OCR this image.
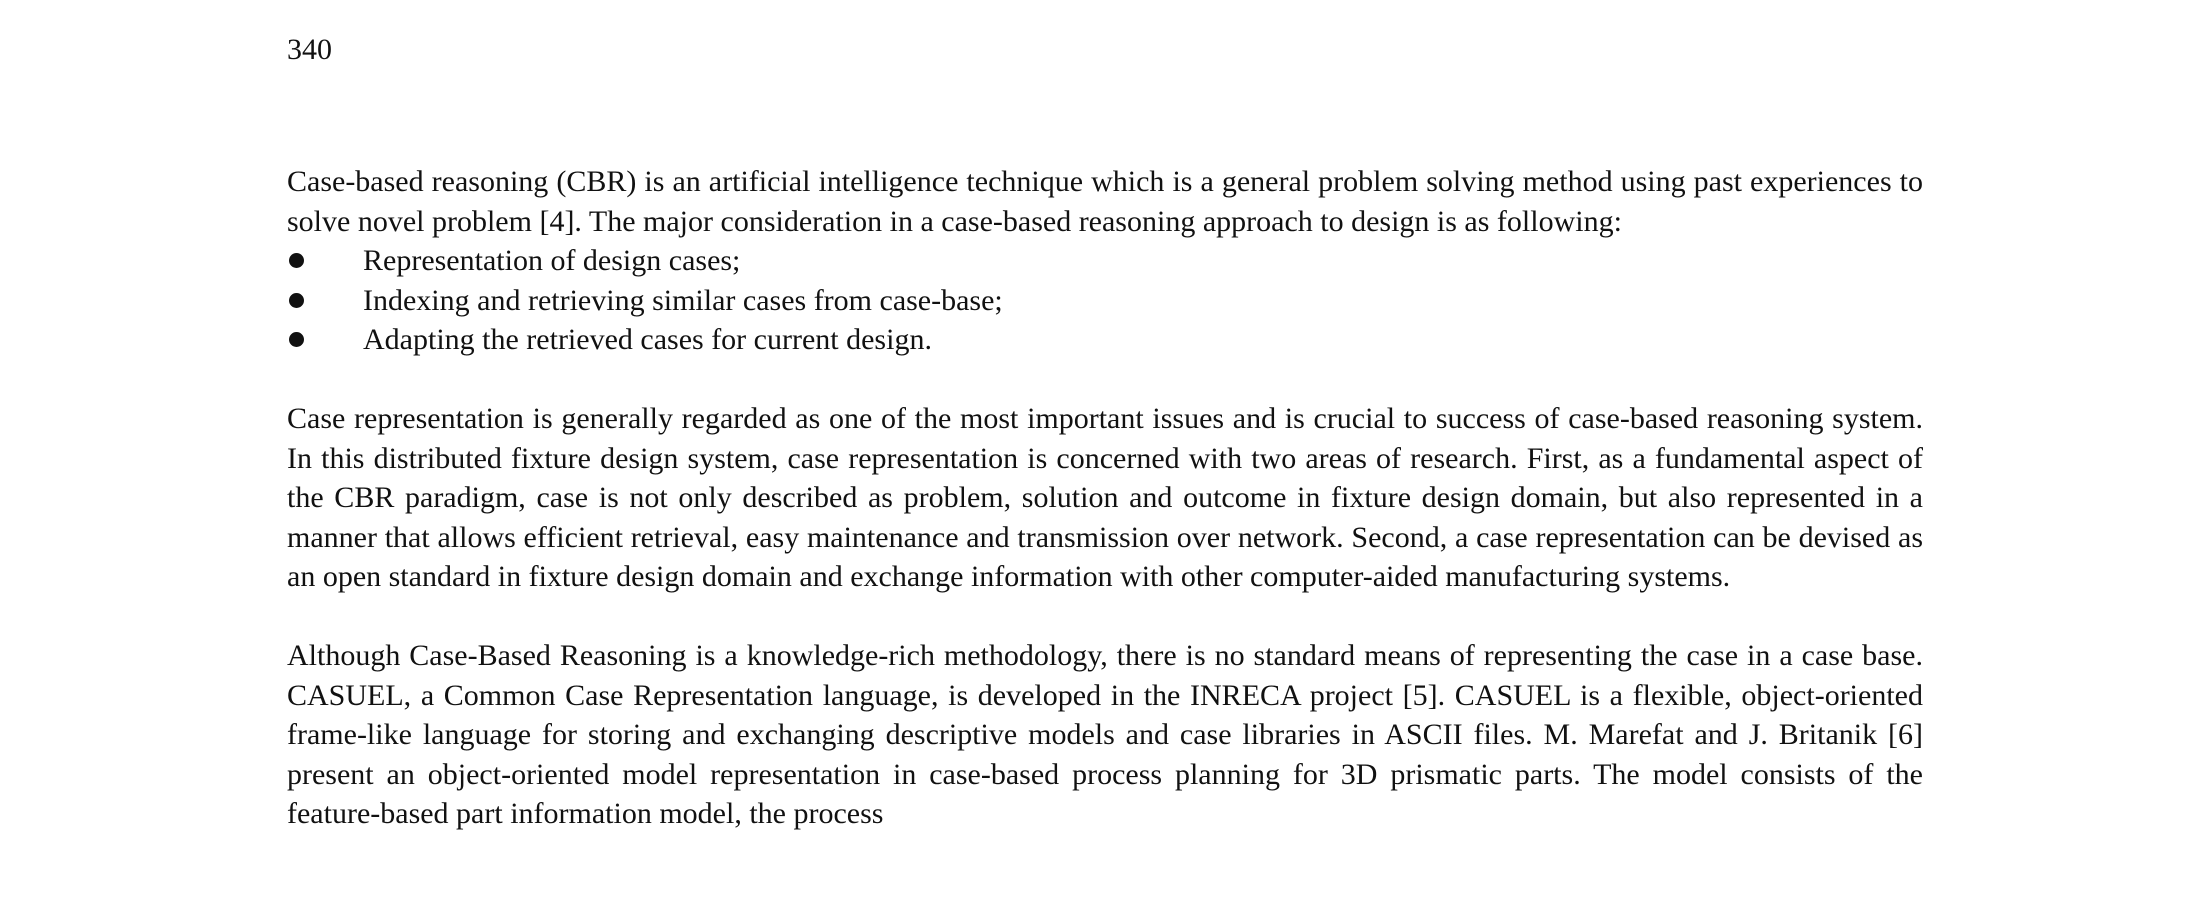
340

Case-based reasoning (CBR) is an artificial intelligence technique which is a general problem solving method using past experiences to solve novel problem [4]. The major consideration in a case-based reasoning approach to design is as following:

Representation of design cases;
Indexing and retrieving similar cases from case-base;
Adapting the retrieved cases for current design.

Case representation is generally regarded as one of the most important issues and is crucial to success of case-based reasoning system. In this distributed fixture design system, case representation is concerned with two areas of research. First, as a fundamental aspect of the CBR paradigm, case is not only described as problem, solution and outcome in fixture design domain, but also represented in a manner that allows efficient retrieval, easy maintenance and transmission over network. Second, a case representation can be devised as an open standard in fixture design domain and exchange information with other computer-aided manufacturing systems.

Although Case-Based Reasoning is a knowledge-rich methodology, there is no standard means of representing the case in a case base. CASUEL, a Common Case Representation language, is developed in the INRECA project [5]. CASUEL is a flexible, object-oriented frame-like language for storing and exchanging descriptive models and case libraries in ASCII files. M. Marefat and J. Britanik [6] present an object-oriented model representation in case-based process planning for 3D prismatic parts. The model consists of the feature-based part information model, the process
